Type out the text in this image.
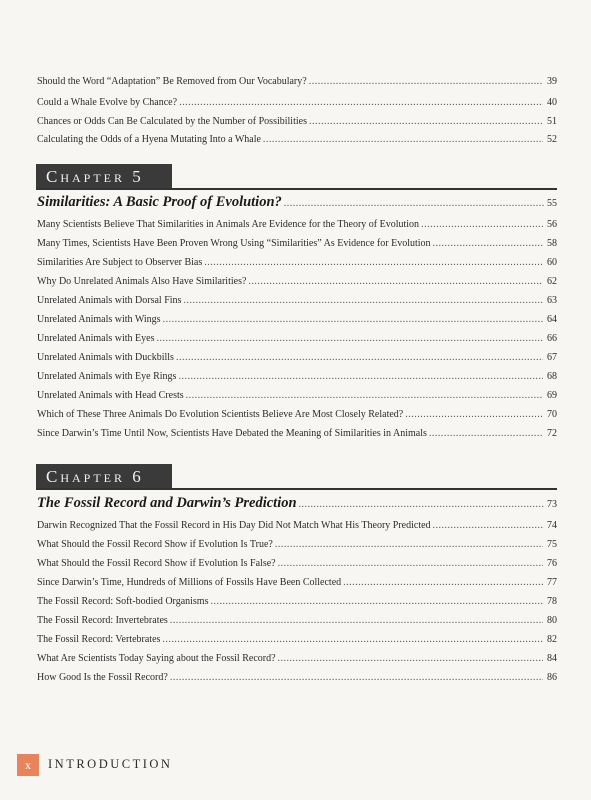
Should the Word “Adaptation” Be Removed from Our Vocabulary? .....	39
Could a Whale Evolve by Chance? .....	40
Chances or Odds Can Be Calculated by the Number of Possibilities .....	51
Calculating the Odds of a Hyena Mutating Into a Whale .....	52
Chapter 5
Similarities: A Basic Proof of Evolution? .....	55
Many Scientists Believe That Similarities in Animals Are Evidence for the Theory of Evolution .....	56
Many Times, Scientists Have Been Proven Wrong Using “Similarities” As Evidence for Evolution .....	58
Similarities Are Subject to Observer Bias .....	60
Why Do Unrelated Animals Also Have Similarities? .....	62
Unrelated Animals with Dorsal Fins .....	63
Unrelated Animals with Wings .....	64
Unrelated Animals with Eyes .....	66
Unrelated Animals with Duckbills .....	67
Unrelated Animals with Eye Rings .....	68
Unrelated Animals with Head Crests .....	69
Which of These Three Animals Do Evolution Scientists Believe Are Most Closely Related? .....	70
Since Darwin’s Time Until Now, Scientists Have Debated the Meaning of Similarities in Animals .....	72
Chapter 6
The Fossil Record and Darwin’s Prediction .....	73
Darwin Recognized That the Fossil Record in His Day Did Not Match What His Theory Predicted .....	74
What Should the Fossil Record Show if Evolution Is True? .....	75
What Should the Fossil Record Show if Evolution Is False? .....	76
Since Darwin’s Time, Hundreds of Millions of Fossils Have Been Collected .....	77
The Fossil Record: Soft-bodied Organisms .....	78
The Fossil Record: Invertebrates .....	80
The Fossil Record: Vertebrates .....	82
What Are Scientists Today Saying about the Fossil Record? .....	84
How Good Is the Fossil Record? .....	86
x INTRODUCTION
